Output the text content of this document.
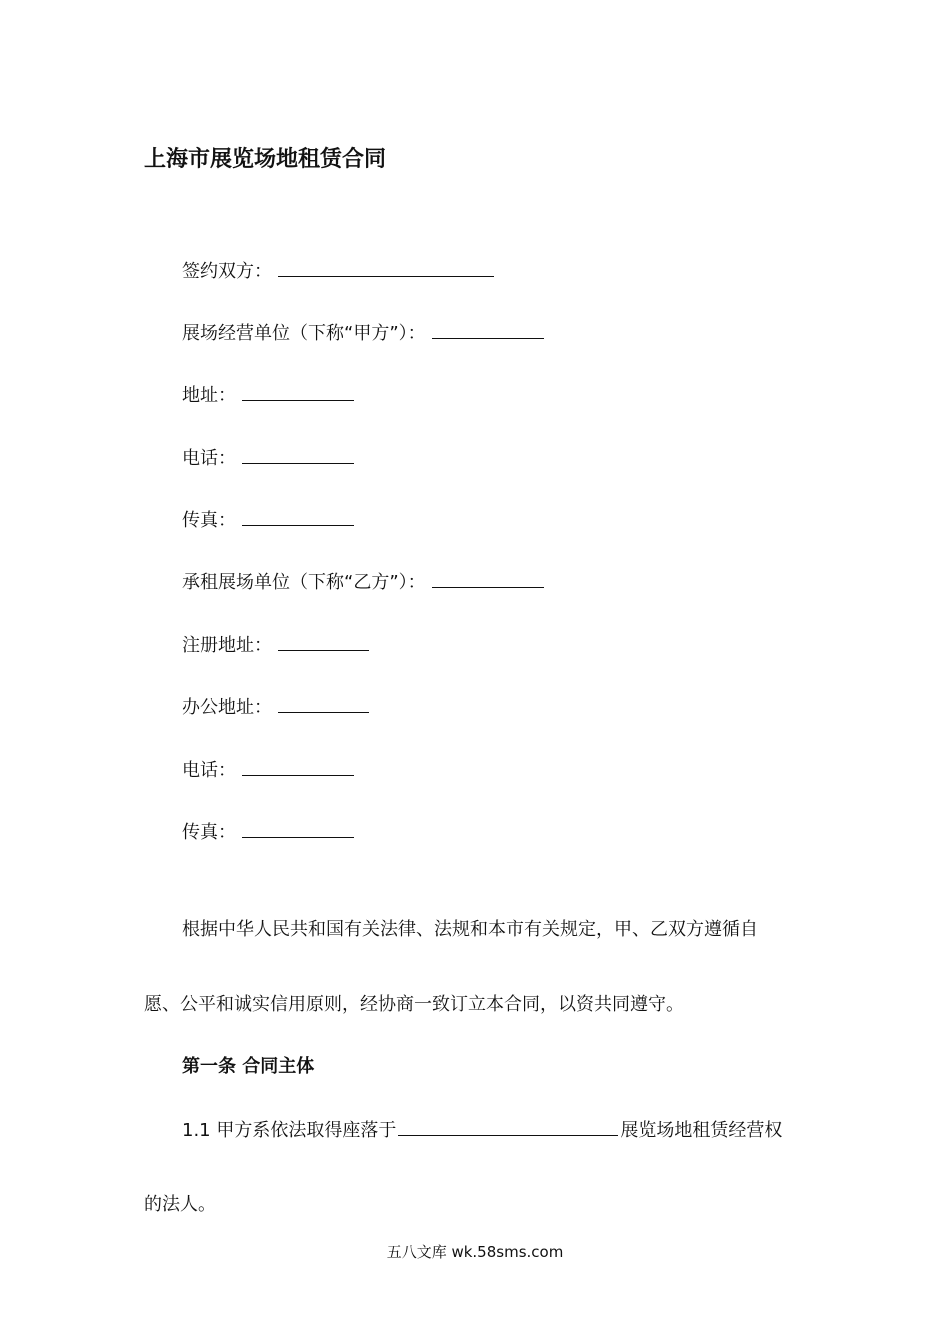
上海市展览场地租赁合同
签约双方：
展场经营单位（下称“甲方”）：
地址：
电话：
传真：
承租展场单位（下称“乙方”）：
注册地址：
办公地址：
电话：
传真：
根据中华人民共和国有关法律、法规和本市有关规定，甲、乙双方遵循自
愿、公平和诚实信用原则，经协商一致订立本合同，以资共同遵守。
第一条 合同主体
1.1 甲方系依法取得座落于	展览场地租赁经营权
的法人。
五八文库 wk.58sms.com
